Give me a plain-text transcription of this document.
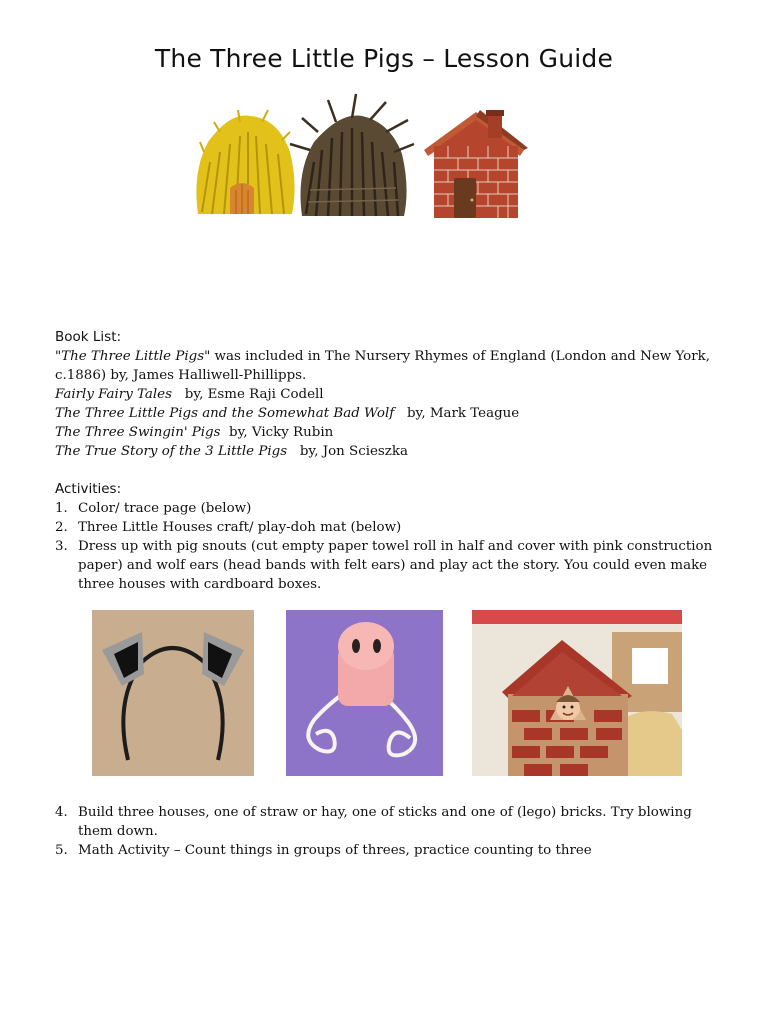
The Three Little Pigs – Lesson Guide
Book List:
"The Three Little Pigs" was included in The Nursery Rhymes of England (London and New York, c.1886) by, James Halliwell-Phillipps.
Fairly Fairy Tales   by, Esme Raji Codell
The Three Little Pigs and the Somewhat Bad Wolf   by, Mark Teague
The Three Swingin' Pigs  by, Vicky Rubin
The True Story of the 3 Little Pigs   by, Jon Scieszka
Activities:
1. Color/ trace page (below)
2. Three Little Houses craft/ play-doh mat (below)
3. Dress up with pig snouts (cut empty paper towel roll in half and cover with pink construction paper) and wolf ears (head bands with felt ears) and play act the story. You could even make three houses with cardboard boxes.
4. Build three houses, one of straw or hay, one of sticks and one of (lego) bricks. Try blowing them down.
5. Math Activity – Count things in groups of threes, practice counting to three
